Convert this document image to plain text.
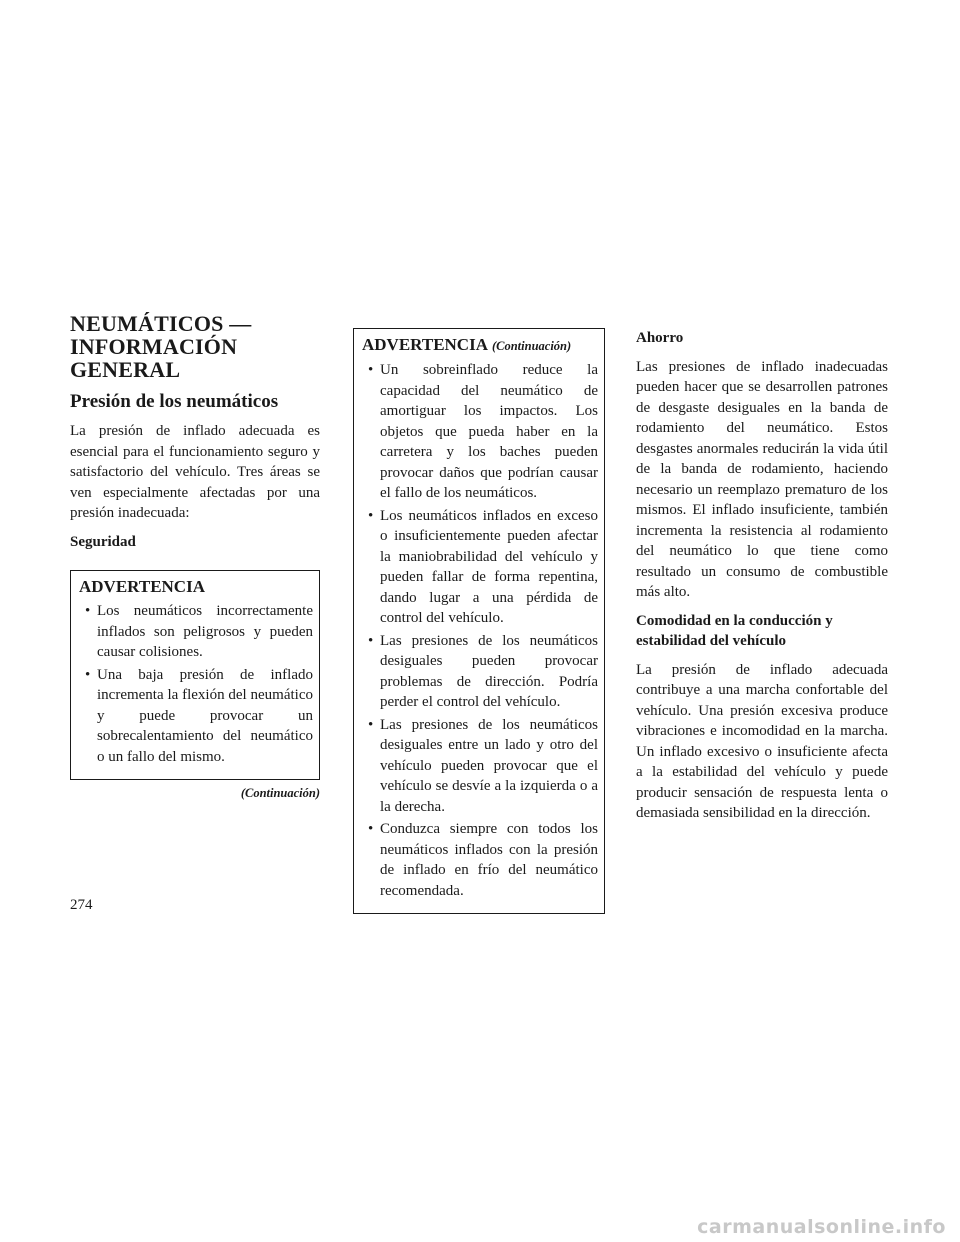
NEUMÁTICOS —
INFORMACIÓN
GENERAL
Presión de los neumáticos

La presión de inflado adecuada es esencial para el funcionamiento seguro y satisfactorio del vehículo. Tres áreas se ven especialmente afectadas por una presión inadecuada:

Seguridad

ADVERTENCIA
• Los neumáticos incorrectamente inflados son peligrosos y pueden causar colisiones.
• Una baja presión de inflado incrementa la flexión del neumático y puede provocar un sobrecalentamiento del neumático o un fallo del mismo.
(Continuación)
ADVERTENCIA (Continuación)
• Un sobreinflado reduce la capacidad del neumático de amortiguar los impactos. Los objetos que pueda haber en la carretera y los baches pueden provocar daños que podrían causar el fallo de los neumáticos.
• Los neumáticos inflados en exceso o insuficientemente pueden afectar la maniobrabilidad del vehículo y pueden fallar de forma repentina, dando lugar a una pérdida de control del vehículo.
• Las presiones de los neumáticos desiguales pueden provocar problemas de dirección. Podría perder el control del vehículo.
• Las presiones de los neumáticos desiguales entre un lado y otro del vehículo pueden provocar que el vehículo se desvíe a la izquierda o a la derecha.
• Conduzca siempre con todos los neumáticos inflados con la presión de inflado en frío del neumático recomendada.

Ahorro

Las presiones de inflado inadecuadas pueden hacer que se desarrollen patrones de desgaste desiguales en la banda de rodamiento del neumático. Estos desgastes anormales reducirán la vida útil de la banda de rodamiento, haciendo necesario un reemplazo prematuro de los mismos. El inflado insuficiente, también incrementa la resistencia al rodamiento del neumático lo que tiene como resultado un consumo de combustible más alto.

Comodidad en la conducción y
estabilidad del vehículo

La presión de inflado adecuada contribuye a una marcha confortable del vehículo. Una presión excesiva produce vibraciones e incomodidad en la marcha. Un inflado excesivo o insuficiente afecta a la estabilidad del vehículo y puede producir sensación de respuesta lenta o demasiada sensibilidad en la dirección.

274
carmanualsonline.info
